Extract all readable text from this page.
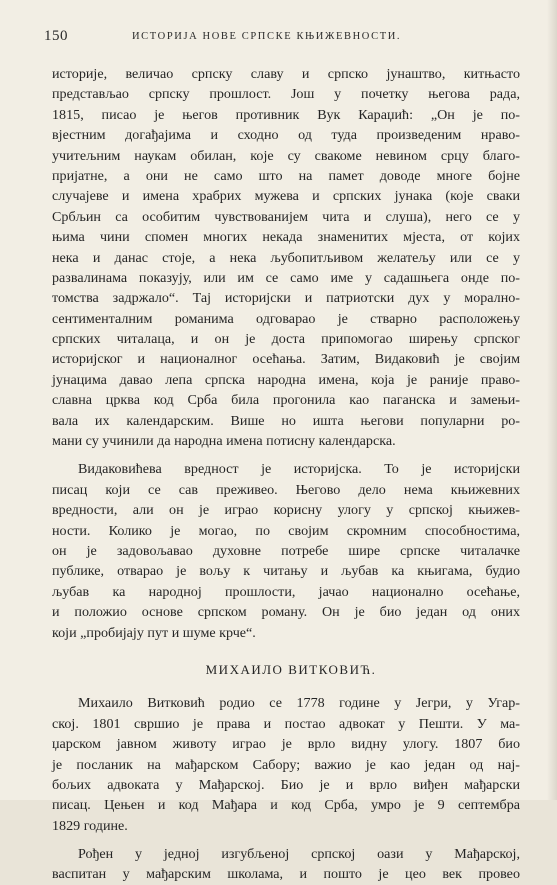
150	ИСТОРИЈА НОВЕ СРПСКЕ КЊИЖЕВНОСТИ.
историје, величао српску славу и српско јунаштво, китњасто
представљао српску прошлост. Још у почетку његова рада,
1815, писао је његов противник Вук Караџић: „Он је по-
вјестним догађајима и сходно од туда произведеним нраво-
учитељним наукам обилан, које су свакоме невином срцу благо-
пријатне, а они не само што на памет доводе многе бојне
случајеве и имена храбрих мужева и српских јунака (које сваки
Србљин са особитим чувствованијем чита и слуша), него се у
њима чини спомен многих некада знаменитих мјеста, от којих
нека и данас стоје, а нека љубопитљивом желатељу или се у
развалинама показују, или им се само име у садашњега онде по-
томства задржало“. Тај историјски и патриотски дух у морално-
сентименталним романима одговарао је стварно расположењу
српских читалаца, и он је доста припомогао ширењу српског
историјског и националног осећања. Затим, Видаковић је својим
јунацима давао лепа српска народна имена, која је раније право-
славна црква код Срба била прогонила као паганска и замењи-
вала их календарским. Више но ишта његови популарни ро-
мани су учинили да народна имена потисну календарска.
Видаковићева вредност је историјска. То је историјски
писац који се сав преживео. Његово дело нема књижевних
вредности, али он је играо корисну улогу у српској књижев-
ности. Колико је могао, по својим скромним способностима,
он је задовољавао духовне потребе шире српске читалачке
публике, отварао је вољу к читању и љубав ка књигама, будио
љубав ка народној прошлости, јачао национално осећање,
и положио основе српском роману. Он је био један од оних
који „пробијају пут и шуме крче“.
МИХАИЛО ВИТКОВИЋ.
Михаило Витковић родио се 1778 године у Јегри, у Угар-
ској. 1801 свршио је права и постао адвокат у Пешти. У ма-
џарском јавном животу играо је врло видну улогу. 1807 био
је посланик на мађарском Сабору; важио је као један од нај-
бољих адвоката у Мађарској. Био је и врло виђен мађарски
писац. Цењен и код Мађара и код Срба, умро је 9 септембра
1829 године.
Рођен у једној изгубљеној српској оази у Мађарској,
васпитан у мађарским школама, и пошто је цео век провео
